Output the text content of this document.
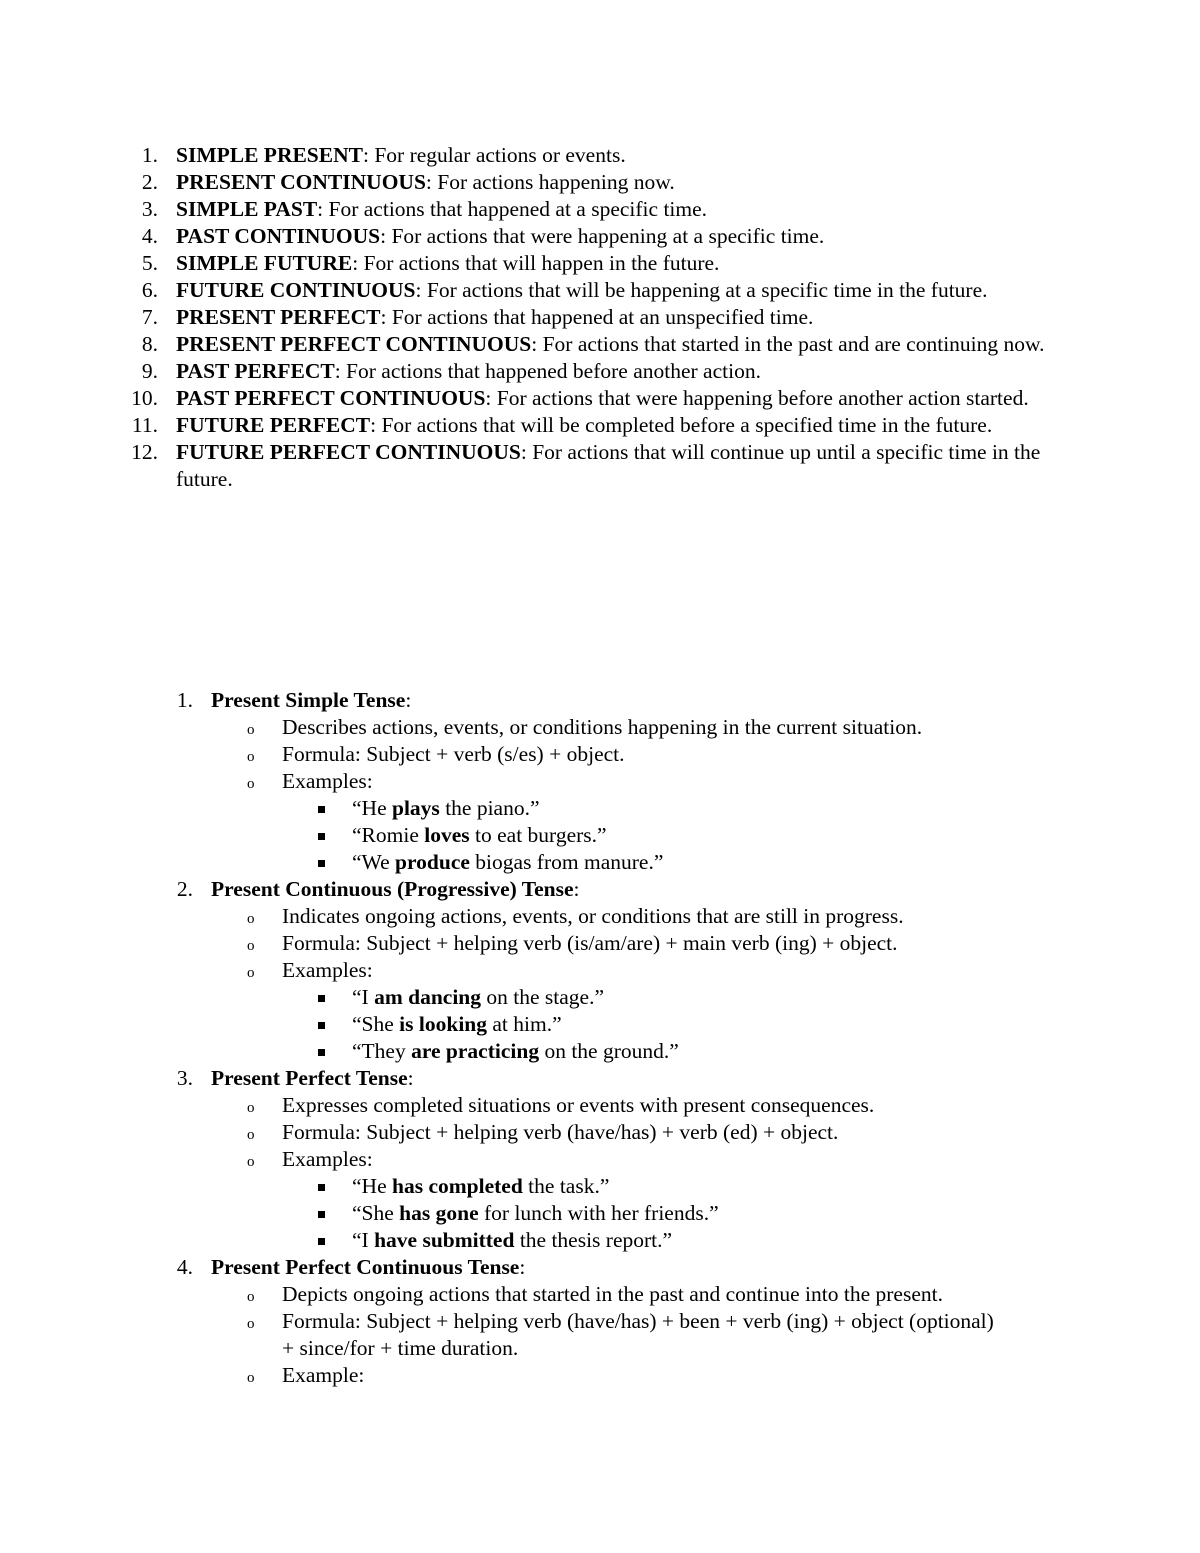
1. SIMPLE PRESENT: For regular actions or events.
2. PRESENT CONTINUOUS: For actions happening now.
3. SIMPLE PAST: For actions that happened at a specific time.
4. PAST CONTINUOUS: For actions that were happening at a specific time.
5. SIMPLE FUTURE: For actions that will happen in the future.
6. FUTURE CONTINUOUS: For actions that will be happening at a specific time in the future.
7. PRESENT PERFECT: For actions that happened at an unspecified time.
8. PRESENT PERFECT CONTINUOUS: For actions that started in the past and are continuing now.
9. PAST PERFECT: For actions that happened before another action.
10. PAST PERFECT CONTINUOUS: For actions that were happening before another action started.
11. FUTURE PERFECT: For actions that will be completed before a specified time in the future.
12. FUTURE PERFECT CONTINUOUS: For actions that will continue up until a specific time in the future.
1. Present Simple Tense:
o Describes actions, events, or conditions happening in the current situation.
o Formula: Subject + verb (s/es) + object.
o Examples:
“He plays the piano.”
“Romie loves to eat burgers.”
“We produce biogas from manure.”
2. Present Continuous (Progressive) Tense:
o Indicates ongoing actions, events, or conditions that are still in progress.
o Formula: Subject + helping verb (is/am/are) + main verb (ing) + object.
o Examples:
“I am dancing on the stage.”
“She is looking at him.”
“They are practicing on the ground.”
3. Present Perfect Tense:
o Expresses completed situations or events with present consequences.
o Formula: Subject + helping verb (have/has) + verb (ed) + object.
o Examples:
“He has completed the task.”
“She has gone for lunch with her friends.”
“I have submitted the thesis report.”
4. Present Perfect Continuous Tense:
o Depicts ongoing actions that started in the past and continue into the present.
o Formula: Subject + helping verb (have/has) + been + verb (ing) + object (optional) + since/for + time duration.
o Example:
